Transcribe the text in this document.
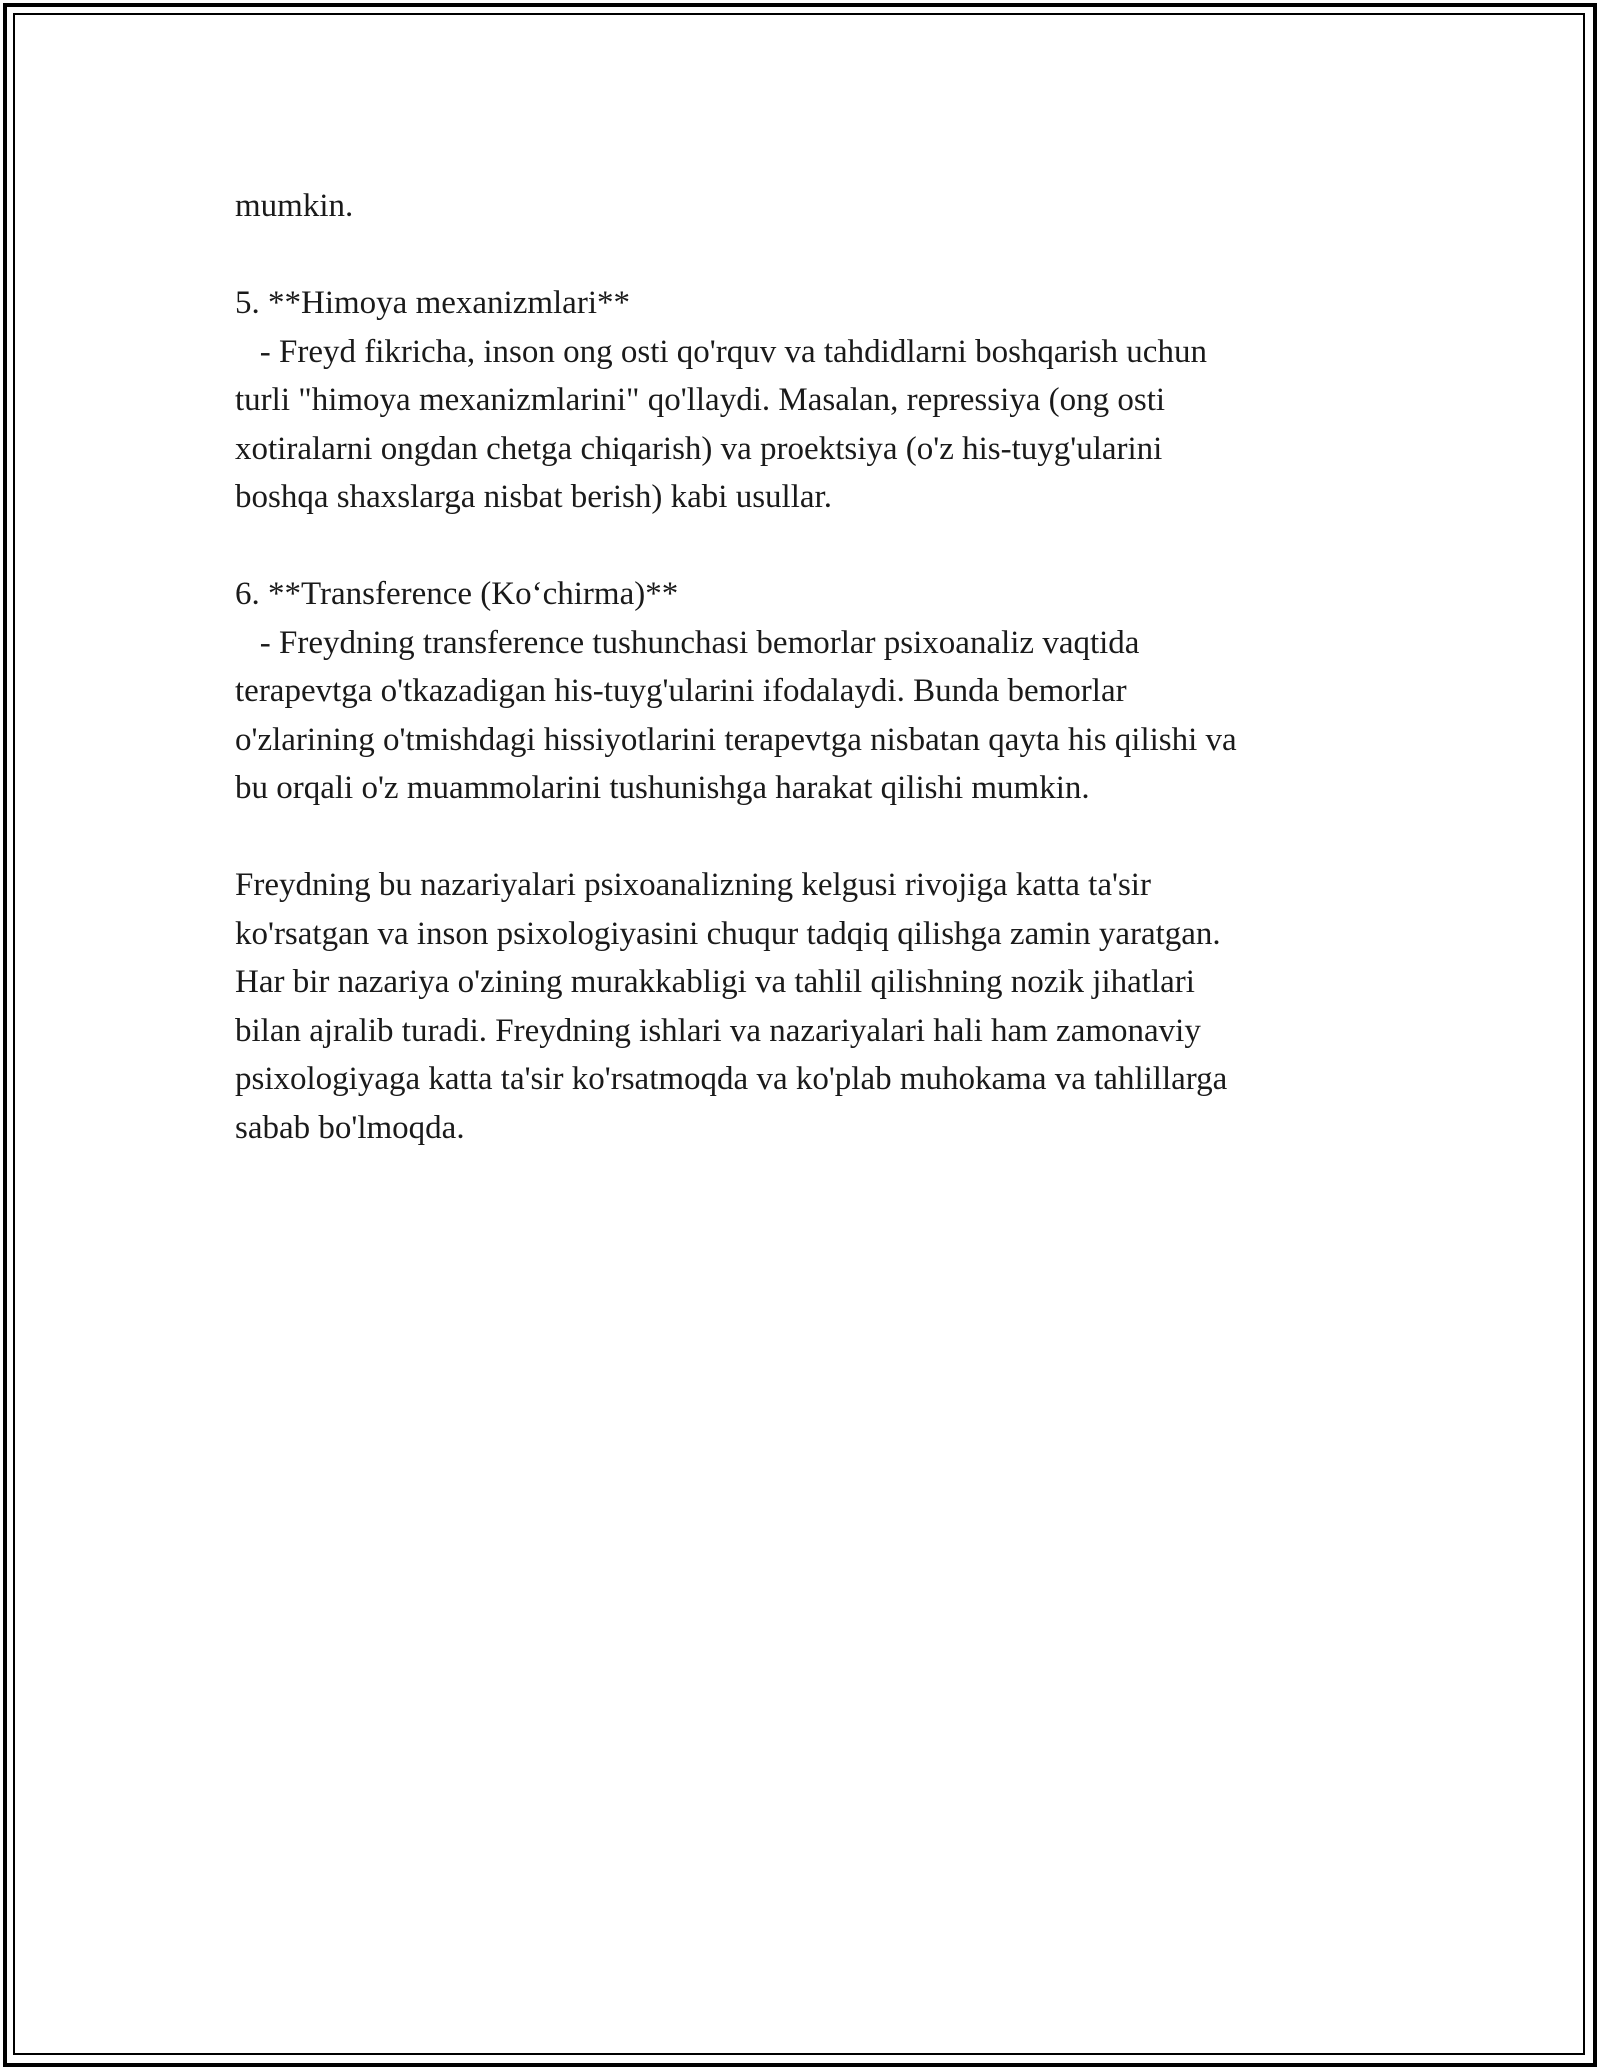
mumkin.
5. **Himoya mexanizmlari**
- Freyd fikricha, inson ong osti qo'rquv va tahdidlarni boshqarish uchun
turli "himoya mexanizmlarini" qo'llaydi. Masalan, repressiya (ong osti
xotiralarni ongdan chetga chiqarish) va proektsiya (o'z his-tuyg'ularini
boshqa shaxslarga nisbat berish) kabi usullar.
6. **Transference (Ko‘chirma)**
- Freydning transference tushunchasi bemorlar psixoanaliz vaqtida
terapevtga o'tkazadigan his-tuyg'ularini ifodalaydi. Bunda bemorlar
o'zlarining o'tmishdagi hissiyotlarini terapevtga nisbatan qayta his qilishi va
bu orqali o'z muammolarini tushunishga harakat qilishi mumkin.
Freydning bu nazariyalari psixoanalizning kelgusi rivojiga katta ta'sir
ko'rsatgan va inson psixologiyasini chuqur tadqiq qilishga zamin yaratgan.
Har bir nazariya o'zining murakkabligi va tahlil qilishning nozik jihatlari
bilan ajralib turadi. Freydning ishlari va nazariyalari hali ham zamonaviy
psixologiyaga katta ta'sir ko'rsatmoqda va ko'plab muhokama va tahlillarga
sabab bo'lmoqda.
